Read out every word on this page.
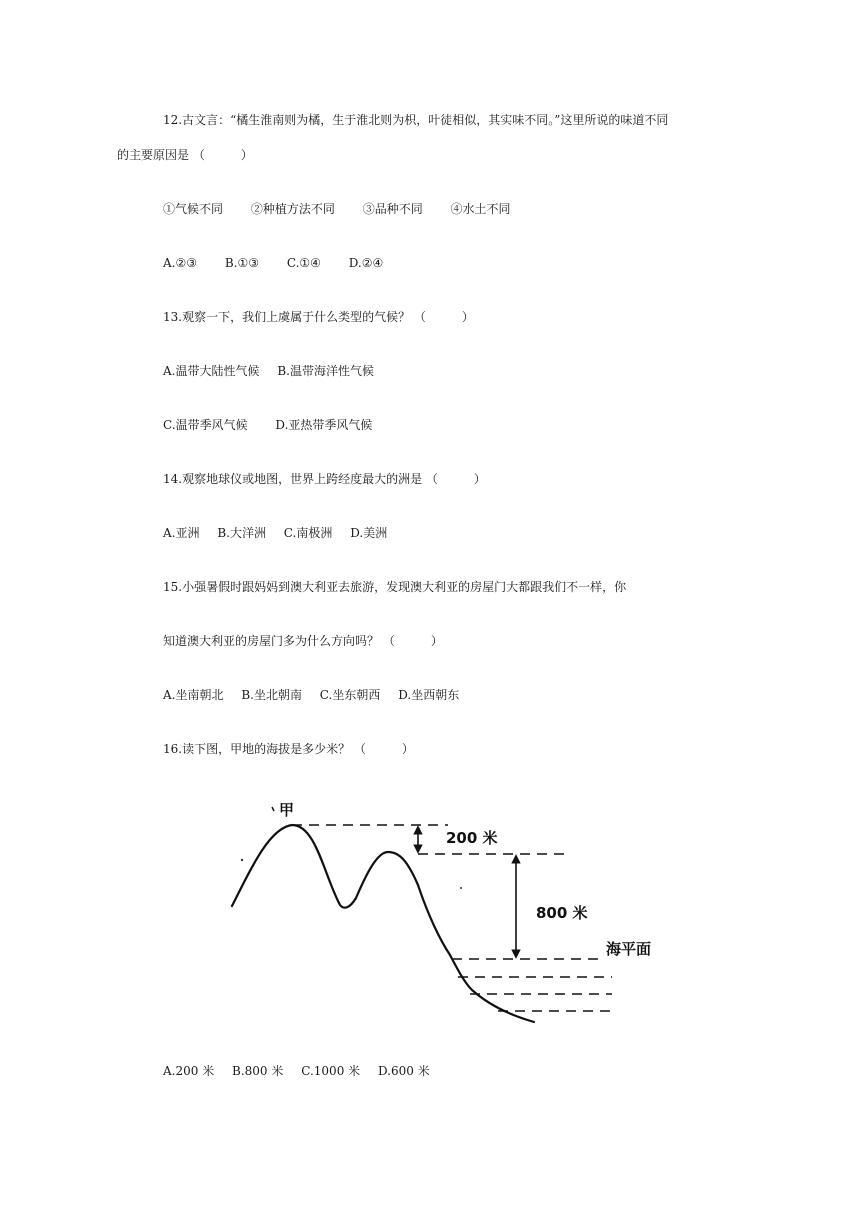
12.古文言：“橘生淮南则为橘，生于淮北则为枳，叶徒相似，其实味不同。”这里所说的味道不同
的主要原因是 （　　　）
①气候不同 ②种植方法不同 ③品种不同 ④水土不同
A.②③ B.①③ C.①④ D.②④
13.观察一下，我们上虞属于什么类型的气候？ （　　　）
A.温带大陆性气候 B.温带海洋性气候
C.温带季风气候 D.亚热带季风气候
14.观察地球仪或地图，世界上跨经度最大的洲是 （　　　）
A.亚洲 B.大洋洲 C.南极洲 D.美洲
15.小强暑假时跟妈妈到澳大利亚去旅游，发现澳大利亚的房屋门大都跟我们不一样，你
知道澳大利亚的房屋门多为什么方向吗？ （　　　）
A.坐南朝北 B.坐北朝南 C.坐东朝西 D.坐西朝东
16.读下图，甲地的海拔是多少米？ （　　　）
甲
200 米
800 米
海平面
A.200 米 B.800 米 C.1000 米 D.600 米
